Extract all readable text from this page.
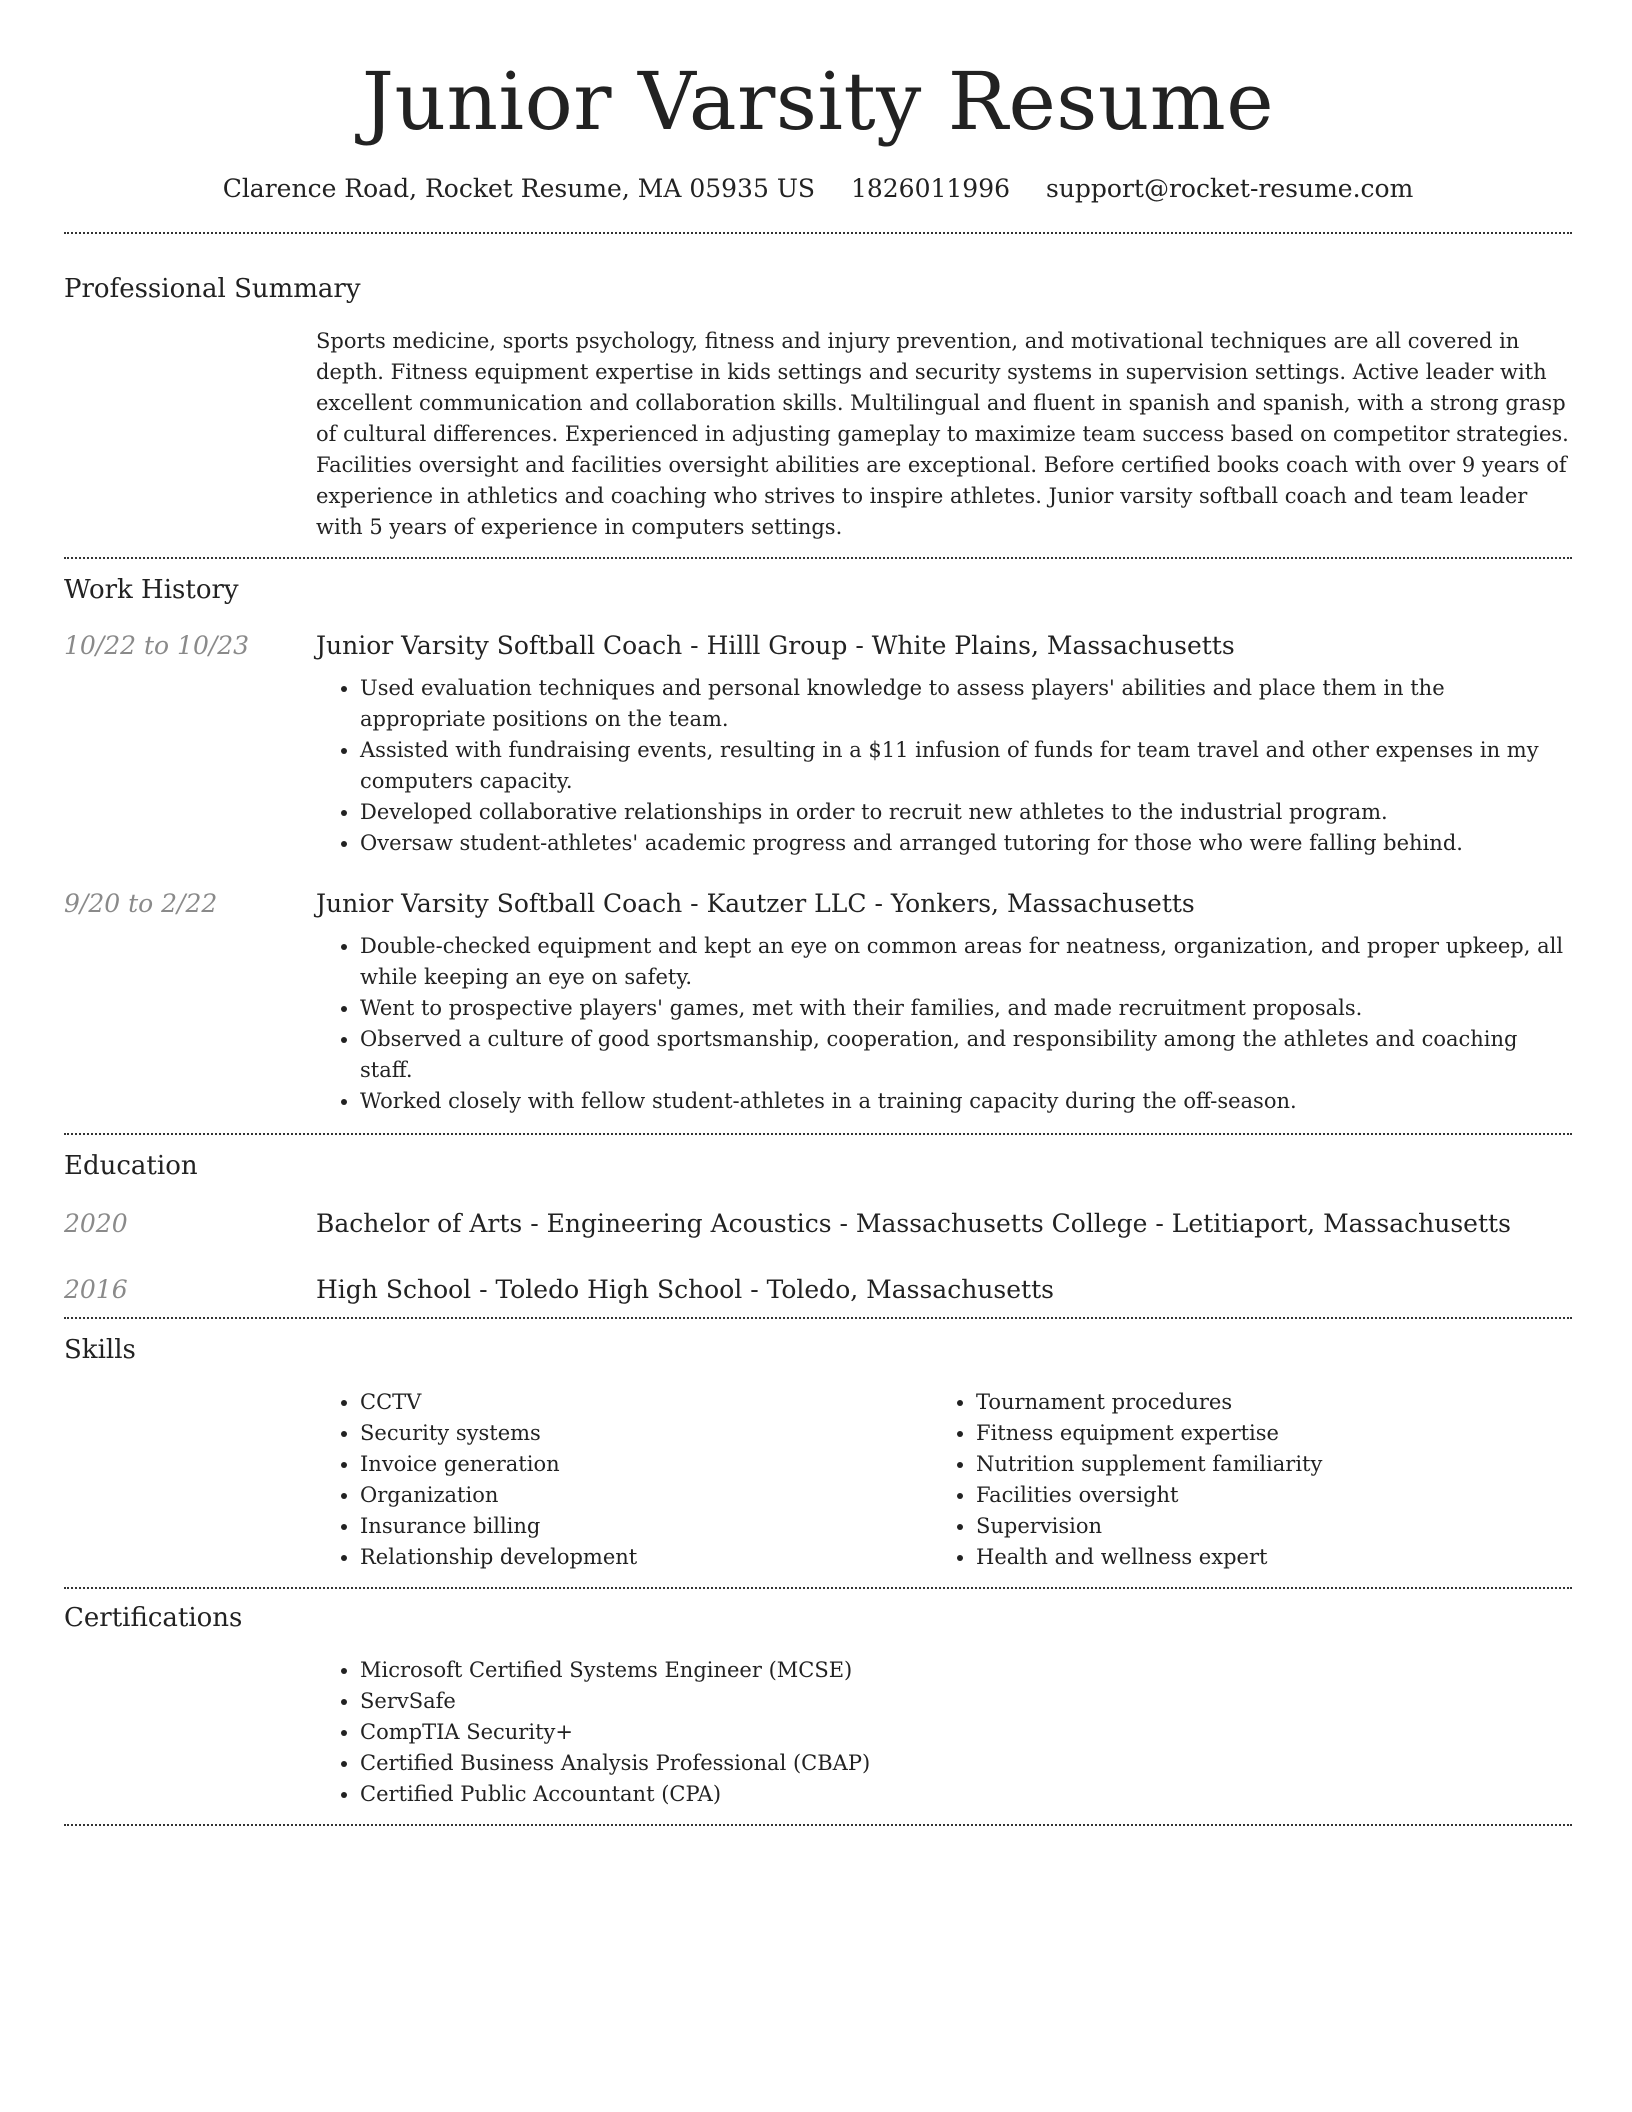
Junior Varsity Resume
Clarence Road, Rocket Resume, MA 05935 US 1826011996 support@rocket-resume.com
Professional Summary

Sports medicine, sports psychology, fitness and injury prevention, and motivational techniques are all covered in depth. Fitness equipment expertise in kids settings and security systems in supervision settings. Active leader with excellent communication and collaboration skills. Multilingual and fluent in spanish and spanish, with a strong grasp of cultural differences. Experienced in adjusting gameplay to maximize team success based on competitor strategies. Facilities oversight and facilities oversight abilities are exceptional. Before certified books coach with over 9 years of experience in athletics and coaching who strives to inspire athletes. Junior varsity softball coach and team leader with 5 years of experience in computers settings.

Work History
10/22 to 10/23	Junior Varsity Softball Coach - Hilll Group - White Plains, Massachusetts
• Used evaluation techniques and personal knowledge to assess players' abilities and place them in the appropriate positions on the team.
• Assisted with fundraising events, resulting in a $11 infusion of funds for team travel and other expenses in my computers capacity.
• Developed collaborative relationships in order to recruit new athletes to the industrial program.
• Oversaw student-athletes' academic progress and arranged tutoring for those who were falling behind.
9/20 to 2/22	Junior Varsity Softball Coach - Kautzer LLC - Yonkers, Massachusetts
• Double-checked equipment and kept an eye on common areas for neatness, organization, and proper upkeep, all while keeping an eye on safety.
• Went to prospective players' games, met with their families, and made recruitment proposals.
• Observed a culture of good sportsmanship, cooperation, and responsibility among the athletes and coaching staff.
• Worked closely with fellow student-athletes in a training capacity during the off-season.
Education
2020	Bachelor of Arts - Engineering Acoustics - Massachusetts College - Letitiaport, Massachusetts
2016	High School - Toledo High School - Toledo, Massachusetts
Skills
• CCTV
• Security systems
• Invoice generation
• Organization
• Insurance billing
• Relationship development
• Tournament procedures
• Fitness equipment expertise
• Nutrition supplement familiarity
• Facilities oversight
• Supervision
• Health and wellness expert
Certifications
• Microsoft Certified Systems Engineer (MCSE)
• ServSafe
• CompTIA Security+
• Certified Business Analysis Professional (CBAP)
• Certified Public Accountant (CPA)
